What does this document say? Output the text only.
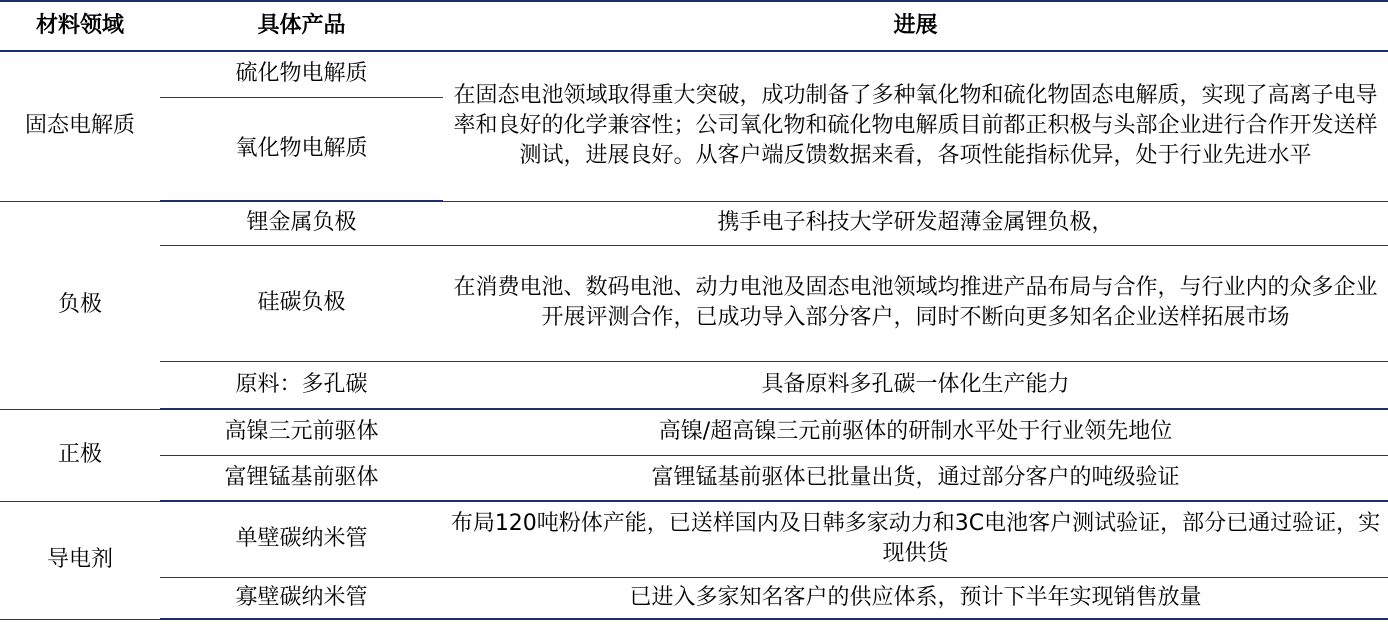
材料领域	具体产品	进展
固态电解质	硫化物电解质	在固态电池领域取得重大突破，成功制备了多种氧化物和硫化物固态电解质，实现了高离子电导率和良好的化学兼容性；公司氧化物和硫化物电解质目前都正积极与头部企业进行合作开发送样测试，进展良好。从客户端反馈数据来看，各项性能指标优异，处于行业先进水平
	氧化物电解质	
负极	锂金属负极	携手电子科技大学研发超薄金属锂负极，
	硅碳负极	在消费电池、数码电池、动力电池及固态电池领域均推进产品布局与合作，与行业内的众多企业开展评测合作，已成功导入部分客户，同时不断向更多知名企业送样拓展市场
	原料：多孔碳	具备原料多孔碳一体化生产能力
正极	高镍三元前驱体	高镍/超高镍三元前驱体的研制水平处于行业领先地位
	富锂锰基前驱体	富锂锰基前驱体已批量出货，通过部分客户的吨级验证
导电剂	单壁碳纳米管	布局120吨粉体产能，已送样国内及日韩多家动力和3C电池客户测试验证，部分已通过验证，实现供货
	寡壁碳纳米管	已进入多家知名客户的供应体系，预计下半年实现销售放量
